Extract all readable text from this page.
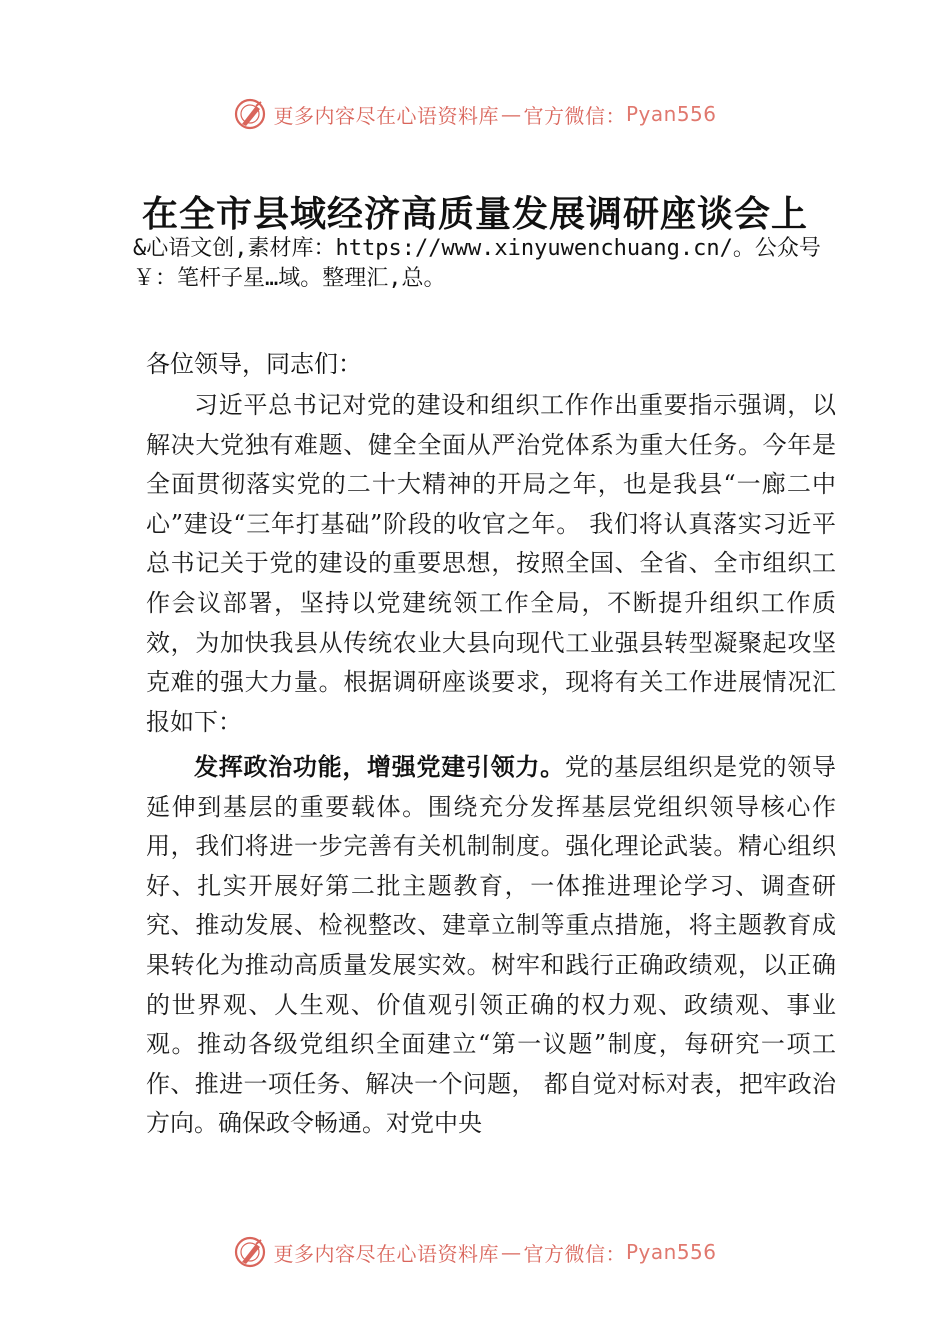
更多内容尽在心语资料库 — 官方微信： Pyan556
在全市县域经济高质量发展调研座谈会上
&心语文创,素材库：https://www.xinyuwenchuang.cn/。公众号￥：笔杆子星…域。整理汇,总。
各位领导，同志们：

习近平总书记对党的建设和组织工作作出重要指示强调，以解决大党独有难题、健全全面从严治党体系为重大任务。今年是全面贯彻落实党的二十大精神的开局之年，也是我县“一廊二中心”建设“三年打基础”阶段的收官之年。 我们将认真落实习近平总书记关于党的建设的重要思想，按照全国、全省、全市组织工作会议部署，坚持以党建统领工作全局，不断提升组织工作质效，为加快我县从传统农业大县向现代工业强县转型凝聚起攻坚克难的强大力量。根据调研座谈要求，现将有关工作进展情况汇报如下：

发挥政治功能，增强党建引领力。党的基层组织是党的领导延伸到基层的重要载体。围绕充分发挥基层党组织领导核心作用，我们将进一步完善有关机制制度。强化理论武装。精心组织好、扎实开展好第二批主题教育，一体推进理论学习、调查研究、推动发展、检视整改、建章立制等重点措施，将主题教育成果转化为推动高质量发展实效。树牢和践行正确政绩观，以正确的世界观、人生观、价值观引领正确的权力观、政绩观、事业观。推动各级党组织全面建立“第一议题”制度，每研究一项工作、推进一项任务、解决一个问题， 都自觉对标对表，把牢政治方向。确保政令畅通。对党中央

更多内容尽在心语资料库 — 官方微信： Pyan556
